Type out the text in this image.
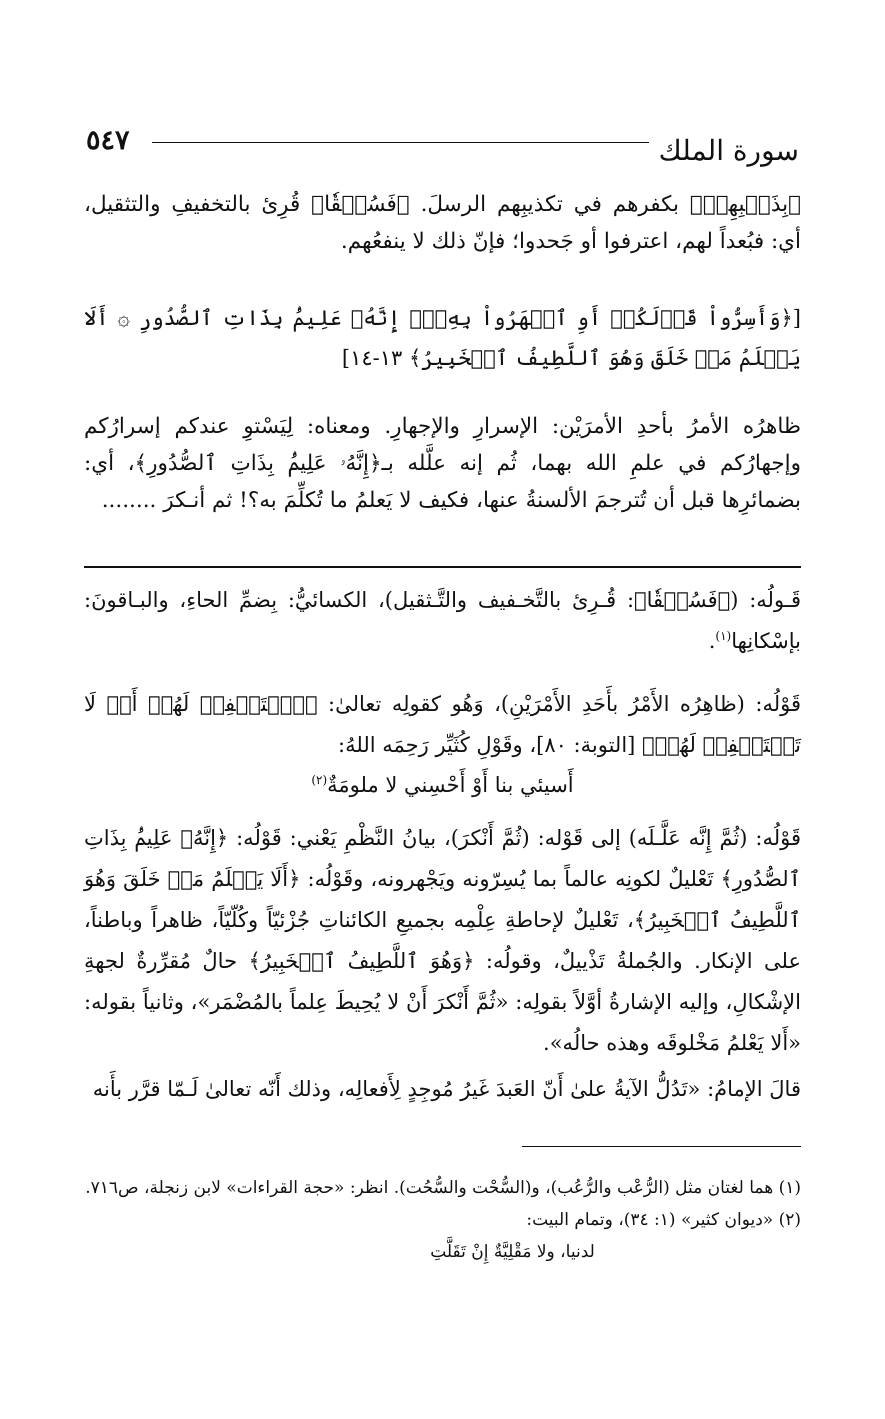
٥٤٧	سورة الملك

﴿بِذَنۢبِهِمۡ﴾ بكفرهم في تكذيبِهم الرسلَ. ﴿فَسُحۡقٗا﴾ قُرِئ بالتخفيفِ والتثقيل، أي: فبُعداً لهم، اعترفوا أو جَحدوا؛ فإنّ ذلك لا ينفعُهم.

[﴿وَأَسِرُّواْ قَوۡلَكُمۡ أَوِ ٱجۡهَرُواْ بِهِۦٓۖ إِنَّهُۥ عَلِيمُۢ بِذَاتِ ٱلصُّدُورِ ۞ أَلَا يَعۡلَمُ مَنۡ خَلَقَ وَهُوَ ٱللَّطِيفُ ٱلۡخَبِيرُ﴾ ١٣-١٤]

ظاهرُه الأمرُ بأحدِ الأمرَيْن: الإسرارِ والإجهارِ. ومعناه: لِيَسْتوِ عندكم إسرارُكم وإجهارُكم في علمِ الله بهما، ثُم إنه علَّله بـ﴿إِنَّهُۥ عَلِيمُۢ بِذَاتِ ٱلصُّدُورِ﴾، أي: بضمائرِها قبل أن تُترجمَ الألسنةُ عنها، فكيف لا يَعلمُ ما تُكلِّمَ به؟! ثم أنـكرَ ........

قَـولُه: (﴿فَسُحۡقٗا﴾: قُـرِئ بالتَّخـفيف والتَّـثقيل)، الكسائيُّ: بِضمِّ الحاءِ، والبـاقونَ: بإسْكانِها$^{(١)}$.

قَوْلُه: (ظاهِرُه الأَمْرُ بأَحَدِ الأَمْرَيْنِ)، وَهُو كقولِه تعالىٰ: ﴿ٱسۡتَغۡفِرۡ لَهُمۡ أَوۡ لَا تَسۡتَغۡفِرۡ لَهُمۡ﴾ [التوبة: ٨٠]، وقَوْلِ كُثَيِّر رَحِمَه اللهُ:

أَسيئي بنا أَوْ أَحْسِني لا ملومَةٌ$^{(٢)}$

قَوْلُه: (ثُمَّ إِنَّه عَلَّـلَه) إلى قَوْله: (ثُمَّ أَنْكرَ)، بيانُ النَّظْمِ يَعْني: قَوْلُه: ﴿إِنَّهُۥ عَلِيمُۢ بِذَاتِ ٱلصُّدُورِ﴾ تَعْليلٌ لكونِه عالماً بما يُسِرّونه ويَجْهرونه، وقَوْلُه: ﴿أَلَا يَعۡلَمُ مَنۡ خَلَقَ وَهُوَ ٱللَّطِيفُ ٱلۡخَبِيرُ﴾، تَعْليلٌ لإحاطةِ عِلْمِه بجميعِ الكائناتِ جُزْئيّاً وكُلّيّاً، ظاهراً وباطناً، على الإنكار. والجُملةُ تَذْييلٌ، وقولُه: ﴿وَهُوَ ٱللَّطِيفُ ٱلۡخَبِيرُ﴾ حالٌ مُقرِّرةٌ لجهةِ الإشْكالِ، وإليه الإشارةُ أوَّلاً بقولِه: «ثُمَّ أَنْكرَ أَنْ لا يُحِيطَ عِلماً بالمُضْمَر»، وثانياً بقوله: «أَلا يَعْلمُ مَخْلوقَه وهذه حالُه».

قالَ الإمامُ: «تَدُلُّ الآيةُ علىٰ أَنّ العَبدَ غَيرُ مُوجِدٍ لِأَفعالِه، وذلك أَنّه تعالىٰ لَـمّا قرَّر بأَنه

(١) هما لغتان مثل (الرُّعْب والرُّعُب)، و(السُّحْت والسُّحُت). انظر: «حجة القراءات» لابن زنجلة، ص٧١٦.

(٢) «ديوان كثير» (١: ٣٤)، وتمام البيت:

لدنيا، ولا مَقْلِيَّةٌ إِنْ تَقَلَّتِ
